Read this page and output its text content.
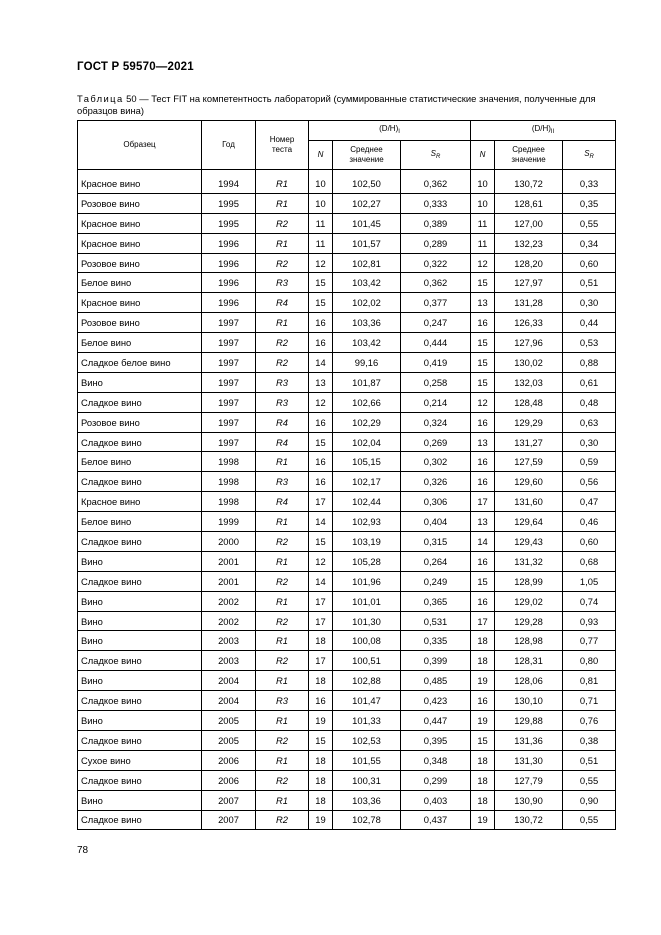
ГОСТ Р 59570—2021
Таблица 50 — Тест FIT на компетентность лабораторий (суммированные статистические значения, полученные для образцов вина)
Образец	Год	Номер теста	$(D/H)_I$			$(D/H)_{II}$
			N	Среднее значение	$S_R$	N	Среднее значение	$S_R$
Красное вино	1994	R1	10	102,50	0,362	10	130,72	0,33
Розовое вино	1995	R1	10	102,27	0,333	10	128,61	0,35
Красное вино	1995	R2	11	101,45	0,389	11	127,00	0,55
Красное вино	1996	R1	11	101,57	0,289	11	132,23	0,34
Розовое вино	1996	R2	12	102,81	0,322	12	128,20	0,60
Белое вино	1996	R3	15	103,42	0,362	15	127,97	0,51
Красное вино	1996	R4	15	102,02	0,377	13	131,28	0,30
Розовое вино	1997	R1	16	103,36	0,247	16	126,33	0,44
Белое вино	1997	R2	16	103,42	0,444	15	127,96	0,53
Сладкое белое вино	1997	R2	14	99,16	0,419	15	130,02	0,88
Вино	1997	R3	13	101,87	0,258	15	132,03	0,61
Сладкое вино	1997	R3	12	102,66	0,214	12	128,48	0,48
Розовое вино	1997	R4	16	102,29	0,324	16	129,29	0,63
Сладкое вино	1997	R4	15	102,04	0,269	13	131,27	0,30
Белое вино	1998	R1	16	105,15	0,302	16	127,59	0,59
Сладкое вино	1998	R3	16	102,17	0,326	16	129,60	0,56
Красное вино	1998	R4	17	102,44	0,306	17	131,60	0,47
Белое вино	1999	R1	14	102,93	0,404	13	129,64	0,46
Сладкое вино	2000	R2	15	103,19	0,315	14	129,43	0,60
Вино	2001	R1	12	105,28	0,264	16	131,32	0,68
Сладкое вино	2001	R2	14	101,96	0,249	15	128,99	1,05
Вино	2002	R1	17	101,01	0,365	16	129,02	0,74
Вино	2002	R2	17	101,30	0,531	17	129,28	0,93
Вино	2003	R1	18	100,08	0,335	18	128,98	0,77
Сладкое вино	2003	R2	17	100,51	0,399	18	128,31	0,80
Вино	2004	R1	18	102,88	0,485	19	128,06	0,81
Сладкое вино	2004	R3	16	101,47	0,423	16	130,10	0,71
Вино	2005	R1	19	101,33	0,447	19	129,88	0,76
Сладкое вино	2005	R2	15	102,53	0,395	15	131,36	0,38
Сухое вино	2006	R1	18	101,55	0,348	18	131,30	0,51
Сладкое вино	2006	R2	18	100,31	0,299	18	127,79	0,55
Вино	2007	R1	18	103,36	0,403	18	130,90	0,90
Сладкое вино	2007	R2	19	102,78	0,437	19	130,72	0,55
78
